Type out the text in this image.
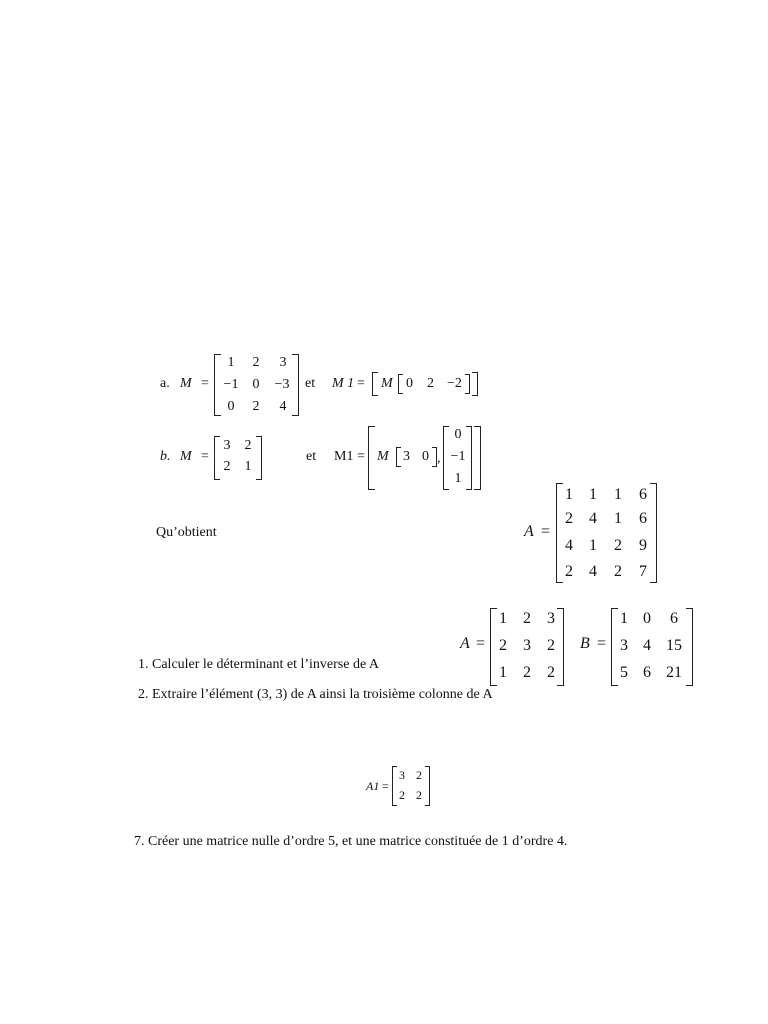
a. M =
1	2	3
−1	0	−3
0	2	4
et M 1 = M 0 2 −2
b. M =
3	2
2	1
et M1 = M 3 0 ,
0
−1
1
Qu’obtient	A =
1	1	1	6
2	4	1	6
4	1	2	9
2	4	2	7
A =
1	2	3
2	3	2
1	2	2
B =
1 0	6
3 4 15
5 6 21
1. Calculer le déterminant et l’inverse de A
2. Extraire l’élément (3, 3) de A ainsi la troisième colonne de A
A1 =
3 2
2 2
7. Créer une matrice nulle d’ordre 5, et une matrice constituée de 1 d’ordre 4.
